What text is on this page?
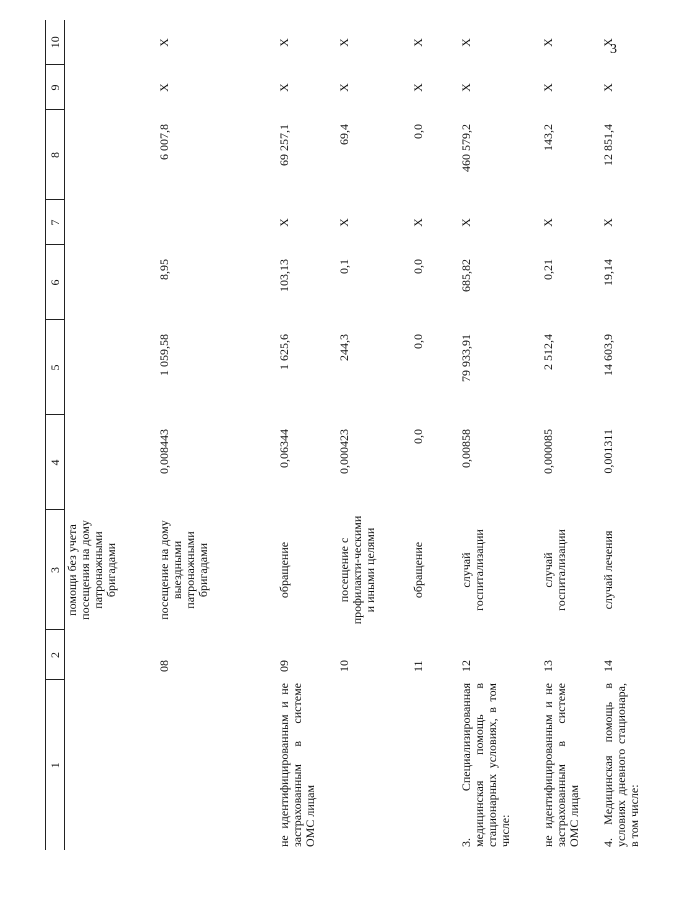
3
1	2	3	4	5	6	7	8	9	10
		помощи без учета посещения на дому патронажными бригадами							
	08	посещение на дому выездными патронажными бригадами	0,008443	1 059,58	8,95		6 007,8	X	X
не идентифицированным и не застрахованным в системе ОМС лицам	09	обращение	0,06344	1 625,6	103,13	X	69 257,1	X	X
	10	посещение с профилакти-ческими и иными целями	0,000423	244,3	0,1	X	69,4	X	X
	11	обращение	0,0	0,0	0,0	X	0,0	X	X
3. Специализированная медицинская помощь в стационарных условиях, в том числе:	12	случай госпитализации	0,00858	79 933,91	685,82	X	460 579,2	X	X
не идентифицированным и не застрахованным в системе ОМС лицам	13	случай госпитализации	0,000085	2 512,4	0,21	X	143,2	X	X
4. Медицинская помощь в условиях дневного стационара, в том числе:	14	случай лечения	0,001311	14 603,9	19,14	X	12 851,4	X	X
